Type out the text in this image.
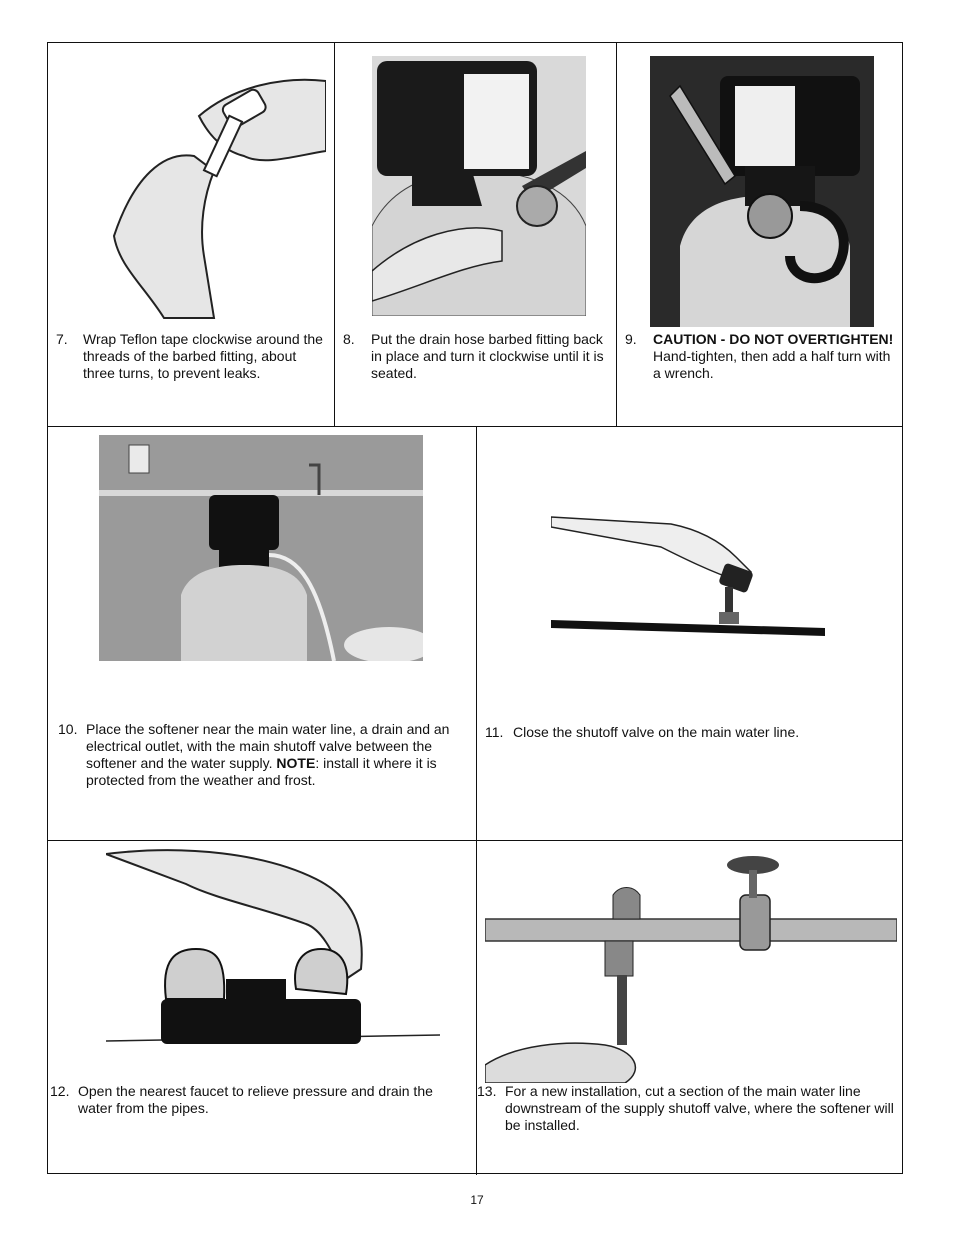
7. Wrap Teflon tape clockwise around the threads of the barbed fitting, about three turns, to prevent leaks.
8. Put the drain hose barbed fitting back in place and turn it clockwise until it is seated.
9. CAUTION - DO NOT OVERTIGHTEN! Hand-tighten, then add a half turn with a wrench.
10. Place the softener near the main water line, a drain and an electrical outlet, with the main shutoff valve between the softener and the water supply. NOTE: install it where it is protected from the weather and frost.
11. Close the shutoff valve on the main water line.
12. Open the nearest faucet to relieve pressure and drain the water from the pipes.
13. For a new installation, cut a section of the main water line downstream of the supply shutoff valve, where the softener will be installed.
17
